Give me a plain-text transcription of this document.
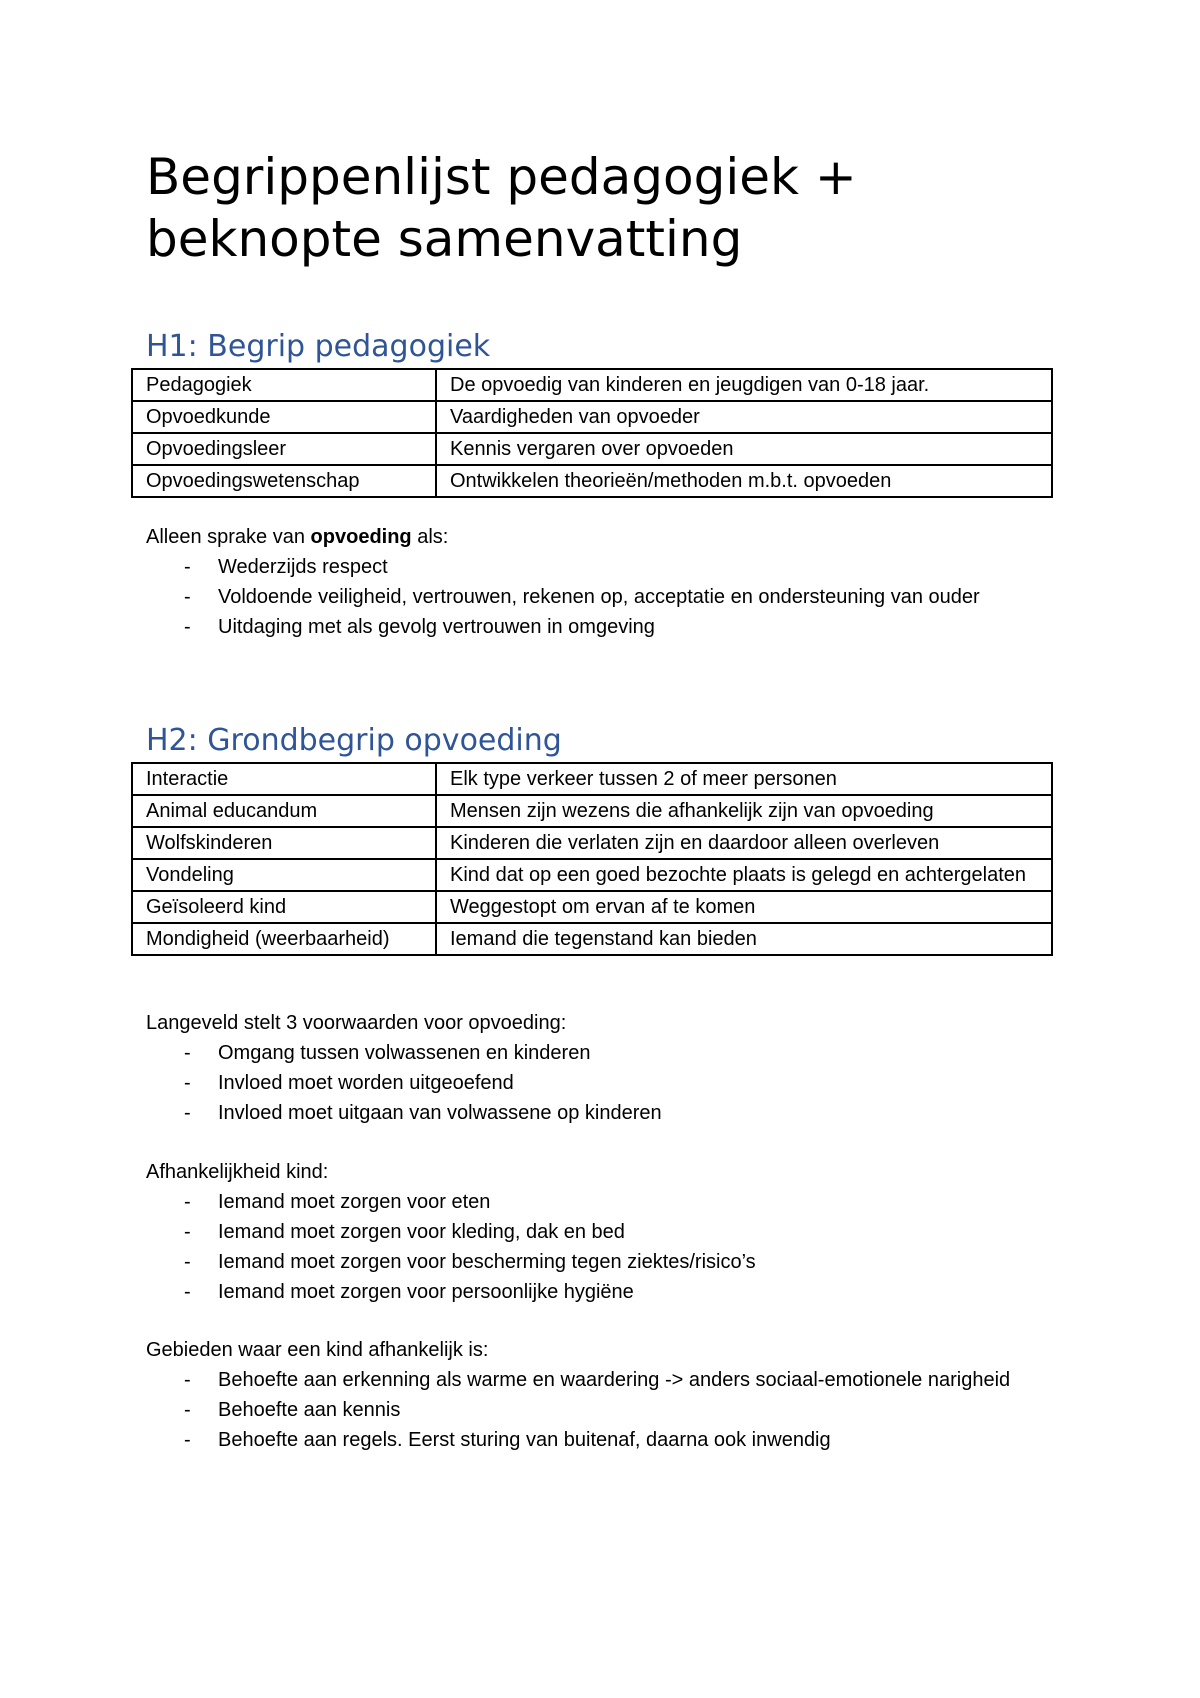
Begrippenlijst pedagogiek + beknopte samenvatting
H1: Begrip pedagogiek
Pedagogiek	De opvoedig van kinderen en jeugdigen van 0-18 jaar.
Opvoedkunde	Vaardigheden van opvoeder
Opvoedingsleer	Kennis vergaren over opvoeden
Opvoedingswetenschap	Ontwikkelen theorieën/methoden m.b.t. opvoeden

Alleen sprake van opvoeding als:

- Wederzijds respect
- Voldoende veiligheid, vertrouwen, rekenen op, acceptatie en ondersteuning van ouder
- Uitdaging met als gevolg vertrouwen in omgeving
H2: Grondbegrip opvoeding
Interactie	Elk type verkeer tussen 2 of meer personen
Animal educandum	Mensen zijn wezens die afhankelijk zijn van opvoeding
Wolfskinderen	Kinderen die verlaten zijn en daardoor alleen overleven
Vondeling	Kind dat op een goed bezochte plaats is gelegd en achtergelaten
Geïsoleerd kind	Weggestopt om ervan af te komen
Mondigheid (weerbaarheid)	Iemand die tegenstand kan bieden

Langeveld stelt 3 voorwaarden voor opvoeding:

- Omgang tussen volwassenen en kinderen
- Invloed moet worden uitgeoefend
- Invloed moet uitgaan van volwassene op kinderen

Afhankelijkheid kind:

- Iemand moet zorgen voor eten
- Iemand moet zorgen voor kleding, dak en bed
- Iemand moet zorgen voor bescherming tegen ziektes/risico’s
- Iemand moet zorgen voor persoonlijke hygiëne

Gebieden waar een kind afhankelijk is:

- Behoefte aan erkenning als warme en waardering -> anders sociaal-emotionele narigheid
- Behoefte aan kennis
- Behoefte aan regels. Eerst sturing van buitenaf, daarna ook inwendig
